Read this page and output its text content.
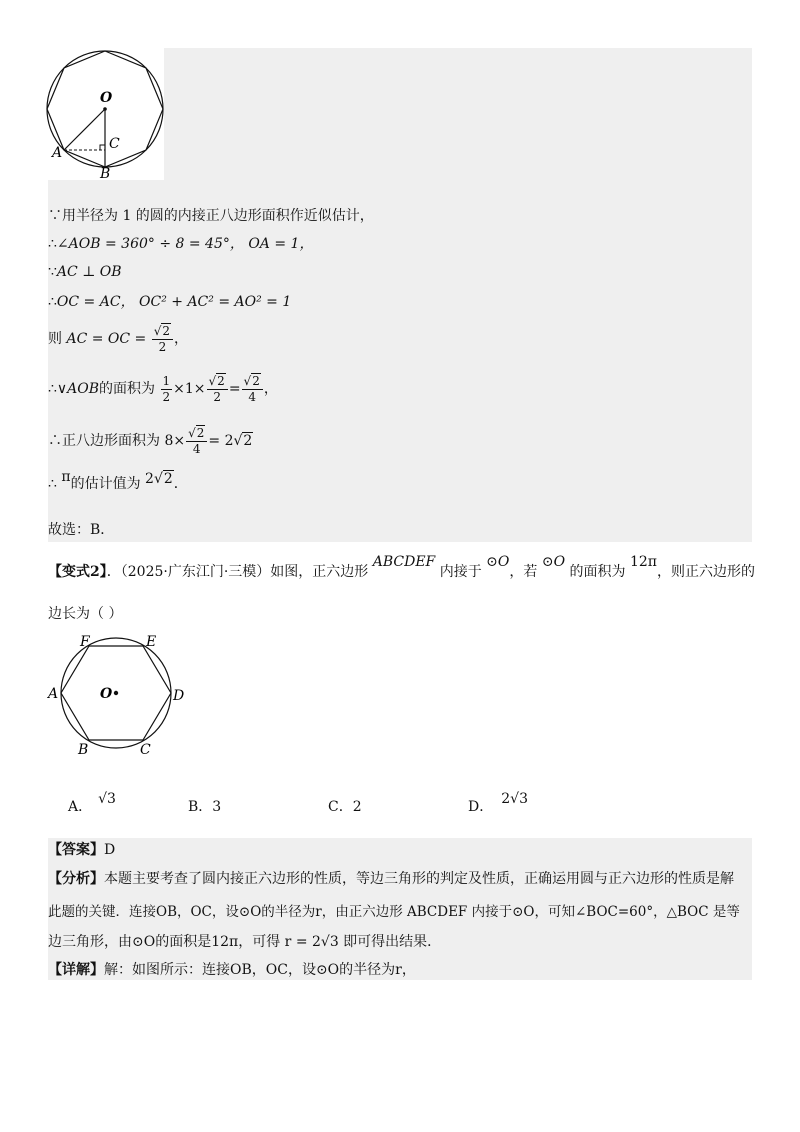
O
A
C
B
∵用半径为 1 的圆的内接正八边形面积作近似估计，
∴∠AOB = 360° ÷ 8 = 45°， OA = 1，
∵AC ⊥ OB
∴OC = AC， OC² + AC² = AO² = 1
则 AC = OC = $\frac{√2}{2}$ ，
∴∨AOB的面积为 $\frac{1}{2} \times 1\times \frac{√2}{2} = \frac{√2}{4}$ ，
∴正八边形面积为 $8\times \frac{√2}{4} = 2√2$
∴ π的估计值为 2√2．
故选：B．
【变式2】．（2025·广东江门·三模）如图，正六边形 ABCDEF 内接于 ⊙O，若 ⊙O 的面积为 12π，则正六边形的
边长为（ ）
F	E
A	D
B	C
O
A． √3	B．3	C．2	D． 2√3
【答案】D
【分析】本题主要考查了圆内接正六边形的性质，等边三角形的判定及性质，正确运用圆与正六边形的性质是解
此题的关键．连接OB，OC，设⊙O的半径为r，由正六边形 ABCDEF 内接于⊙O，可知∠BOC=60°，△BOC 是等
边三角形，由⊙O的面积是12π，可得 r = 2√3 即可得出结果．
【详解】解：如图所示：连接OB，OC，设⊙O的半径为r，
